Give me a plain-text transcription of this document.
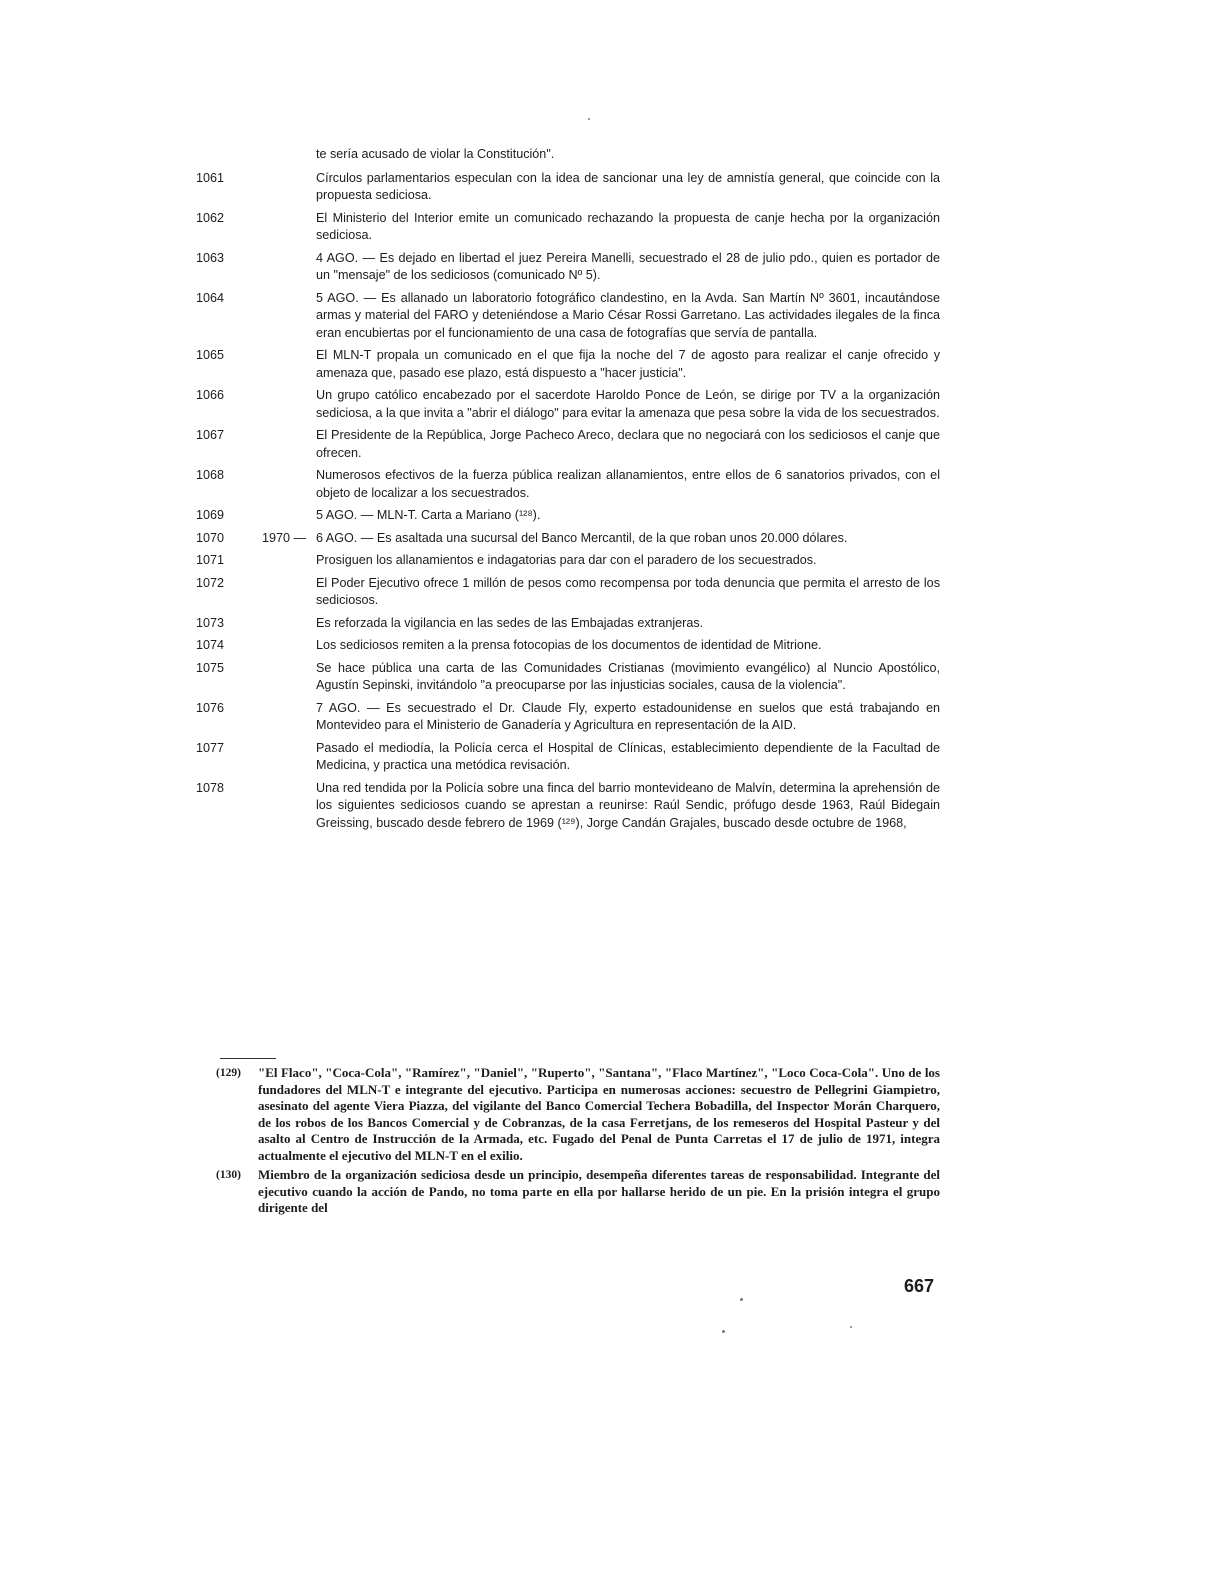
te sería acusado de violar la Constitución".

1061	Círculos parlamentarios especulan con la idea de sancionar una ley de amnistía general, que coincide con la propuesta sediciosa.
1062	El Ministerio del Interior emite un comunicado rechazando la propuesta de canje hecha por la organización sediciosa.
1063	4 AGO. — Es dejado en libertad el juez Pereira Manelli, secuestrado el 28 de julio pdo., quien es portador de un "mensaje" de los sediciosos (comunicado Nº 5).
1064	5 AGO. — Es allanado un laboratorio fotográfico clandestino, en la Avda. San Martín Nº 3601, incautándose armas y material del FARO y deteniéndose a Mario César Rossi Garretano. Las actividades ilegales de la finca eran encubiertas por el funcionamiento de una casa de fotografías que servía de pantalla.
1065	El MLN-T propala un comunicado en el que fija la noche del 7 de agosto para realizar el canje ofrecido y amenaza que, pasado ese plazo, está dispuesto a "hacer justicia".
1066	Un grupo católico encabezado por el sacerdote Haroldo Ponce de León, se dirige por TV a la organización sediciosa, a la que invita a "abrir el diálogo" para evitar la amenaza que pesa sobre la vida de los secuestrados.
1067	El Presidente de la República, Jorge Pacheco Areco, declara que no negociará con los sediciosos el canje que ofrecen.
1068	Numerosos efectivos de la fuerza pública realizan allanamientos, entre ellos de 6 sanatorios privados, con el objeto de localizar a los secuestrados.
1069	5 AGO. — MLN-T. Carta a Mariano (¹²⁸).
1070	1970 — 6 AGO. — Es asaltada una sucursal del Banco Mercantil, de la que roban unos 20.000 dólares.
1071	Prosiguen los allanamientos e indagatorias para dar con el paradero de los secuestrados.
1072	El Poder Ejecutivo ofrece 1 millón de pesos como recompensa por toda denuncia que permita el arresto de los sediciosos.
1073	Es reforzada la vigilancia en las sedes de las Embajadas extranjeras.
1074	Los sediciosos remiten a la prensa fotocopias de los documentos de identidad de Mitrione.
1075	Se hace pública una carta de las Comunidades Cristianas (movimiento evangélico) al Nuncio Apostólico, Agustín Sepinski, invitándolo "a preocuparse por las injusticias sociales, causa de la violencia".
1076	7 AGO. — Es secuestrado el Dr. Claude Fly, experto estadounidense en suelos que está trabajando en Montevideo para el Ministerio de Ganadería y Agricultura en representación de la AID.
1077	Pasado el mediodía, la Policía cerca el Hospital de Clínicas, establecimiento dependiente de la Facultad de Medicina, y practica una metódica revisación.
1078	Una red tendida por la Policía sobre una finca del barrio montevideano de Malvín, determina la aprehensión de los siguientes sediciosos cuando se aprestan a reunirse: Raúl Sendic, prófugo desde 1963, Raúl Bidegain Greissing, buscado desde febrero de 1969 (¹²⁹), Jorge Candán Grajales, buscado desde octubre de 1968,
(129)	"El Flaco", "Coca-Cola", "Ramírez", "Daniel", "Ruperto", "Santana", "Flaco Martínez", "Loco Coca-Cola". Uno de los fundadores del MLN-T e integrante del ejecutivo. Participa en numerosas acciones: secuestro de Pellegrini Giampietro, asesinato del agente Viera Piazza, del vigilante del Banco Comercial Techera Bobadilla, del Inspector Morán Charquero, de los robos de los Bancos Comercial y de Cobranzas, de la casa Ferretjans, de los remeseros del Hospital Pasteur y del asalto al Centro de Instrucción de la Armada, etc. Fugado del Penal de Punta Carretas el 17 de julio de 1971, integra actualmente el ejecutivo del MLN-T en el exilio.
(130)	Miembro de la organización sediciosa desde un principio, desempeña diferentes tareas de responsabilidad. Integrante del ejecutivo cuando la acción de Pando, no toma parte en ella por hallarse herido de un pie. En la prisión integra el grupo dirigente del
667
